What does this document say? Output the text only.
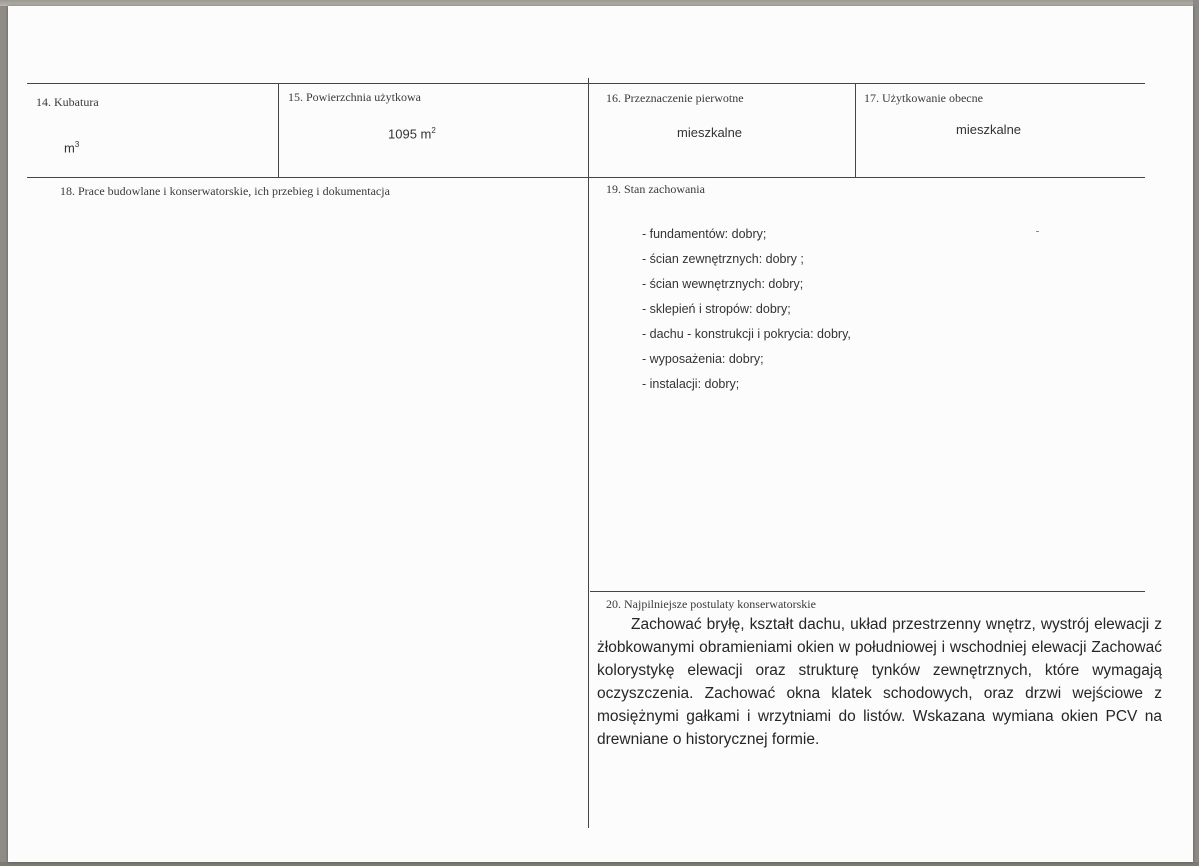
14. Kubatura
$m^3$
15. Powierzchnia użytkowa
1095 $m^2$
16. Przeznaczenie pierwotne
mieszkalne
17. Użytkowanie obecne
mieszkalne
18. Prace budowlane i konserwatorskie, ich przebieg i dokumentacja	19. Stan zachowania
- fundamentów: dobry;
- ścian zewnętrznych: dobry ;
- ścian wewnętrznych: dobry;
- sklepień i stropów: dobry;
- dachu - konstrukcji i pokrycia: dobry,
- wyposażenia: dobry;
- instalacji: dobry;
20. Najpilniejsze postulaty konserwatorskie

Zachować bryłę, kształt dachu, układ przestrzenny wnętrz, wystrój elewacji z żłobkowanymi obramieniami okien w południowej i wschodniej elewacji Zachować kolorystykę elewacji oraz strukturę tynków zewnętrznych, które wymagają oczyszczenia. Zachować okna klatek schodowych, oraz drzwi wejściowe z mosiężnymi gałkami i wrzytniami do listów. Wskazana wymiana okien PCV na drewniane o historycznej formie.
